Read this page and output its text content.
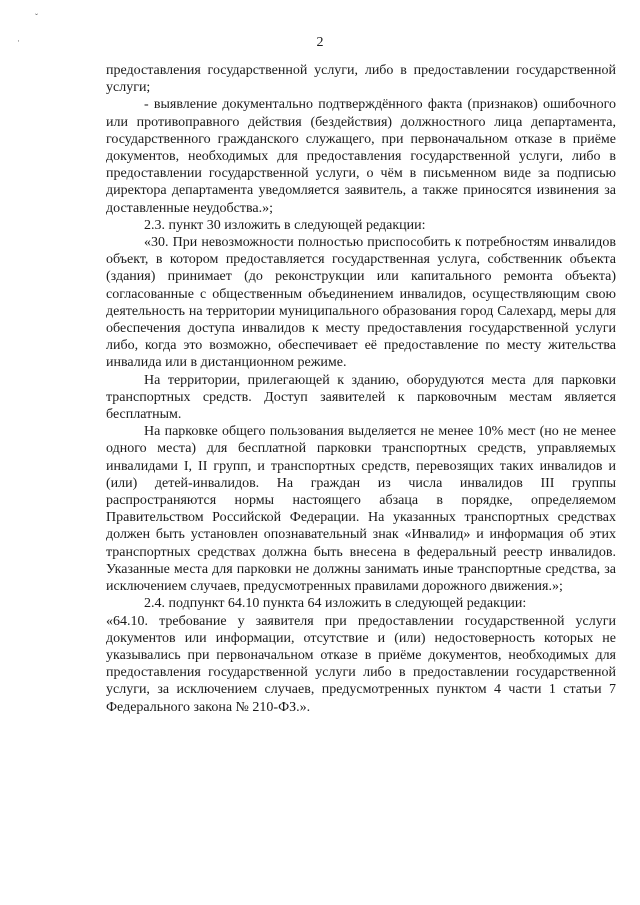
ˇ
·	2

предоставления государственной услуги, либо в предоставлении государственной услуги;

- выявление документально подтверждённого факта (признаков) ошибочного или противоправного действия (бездействия) должностного лица департамента, государственного гражданского служащего, при первоначальном отказе в приёме документов, необходимых для предоставления государственной услуги, либо в предоставлении государственной услуги, о чём в письменном виде за подписью директора департамента уведомляется заявитель, а также приносятся извинения за доставленные неудобства.»;

2.3. пункт 30 изложить в следующей редакции:

«30. При невозможности полностью приспособить к потребностям инвалидов объект, в котором предоставляется государственная услуга, собственник объекта (здания) принимает (до реконструкции или капитального ремонта объекта) согласованные с общественным объединением инвалидов, осуществляющим свою деятельность на территории муниципального образования город Салехард, меры для обеспечения доступа инвалидов к месту предоставления государственной услуги либо, когда это возможно, обеспечивает её предоставление по месту жительства инвалида или в дистанционном режиме.

На территории, прилегающей к зданию, оборудуются места для парковки транспортных средств. Доступ заявителей к парковочным местам является бесплатным.

На парковке общего пользования выделяется не менее 10% мест (но не менее одного места) для бесплатной парковки транспортных средств, управляемых инвалидами I, II групп, и транспортных средств, перевозящих таких инвалидов и (или) детей-инвалидов. На граждан из числа инвалидов III группы распространяются нормы настоящего абзаца в порядке, определяемом Правительством Российской Федерации. На указанных транспортных средствах должен быть установлен опознавательный знак «Инвалид» и информация об этих транспортных средствах должна быть внесена в федеральный реестр инвалидов. Указанные места для парковки не должны занимать иные транспортные средства, за исключением случаев, предусмотренных правилами дорожного движения.»;

2.4. подпункт 64.10 пункта 64 изложить в следующей редакции:

«64.10. требование у заявителя при предоставлении государственной услуги документов или информации, отсутствие и (или) недостоверность которых не указывались при первоначальном отказе в приёме документов, необходимых для предоставления государственной услуги либо в предоставлении государственной услуги, за исключением случаев, предусмотренных пунктом 4 части 1 статьи 7 Федерального закона № 210-ФЗ.».
